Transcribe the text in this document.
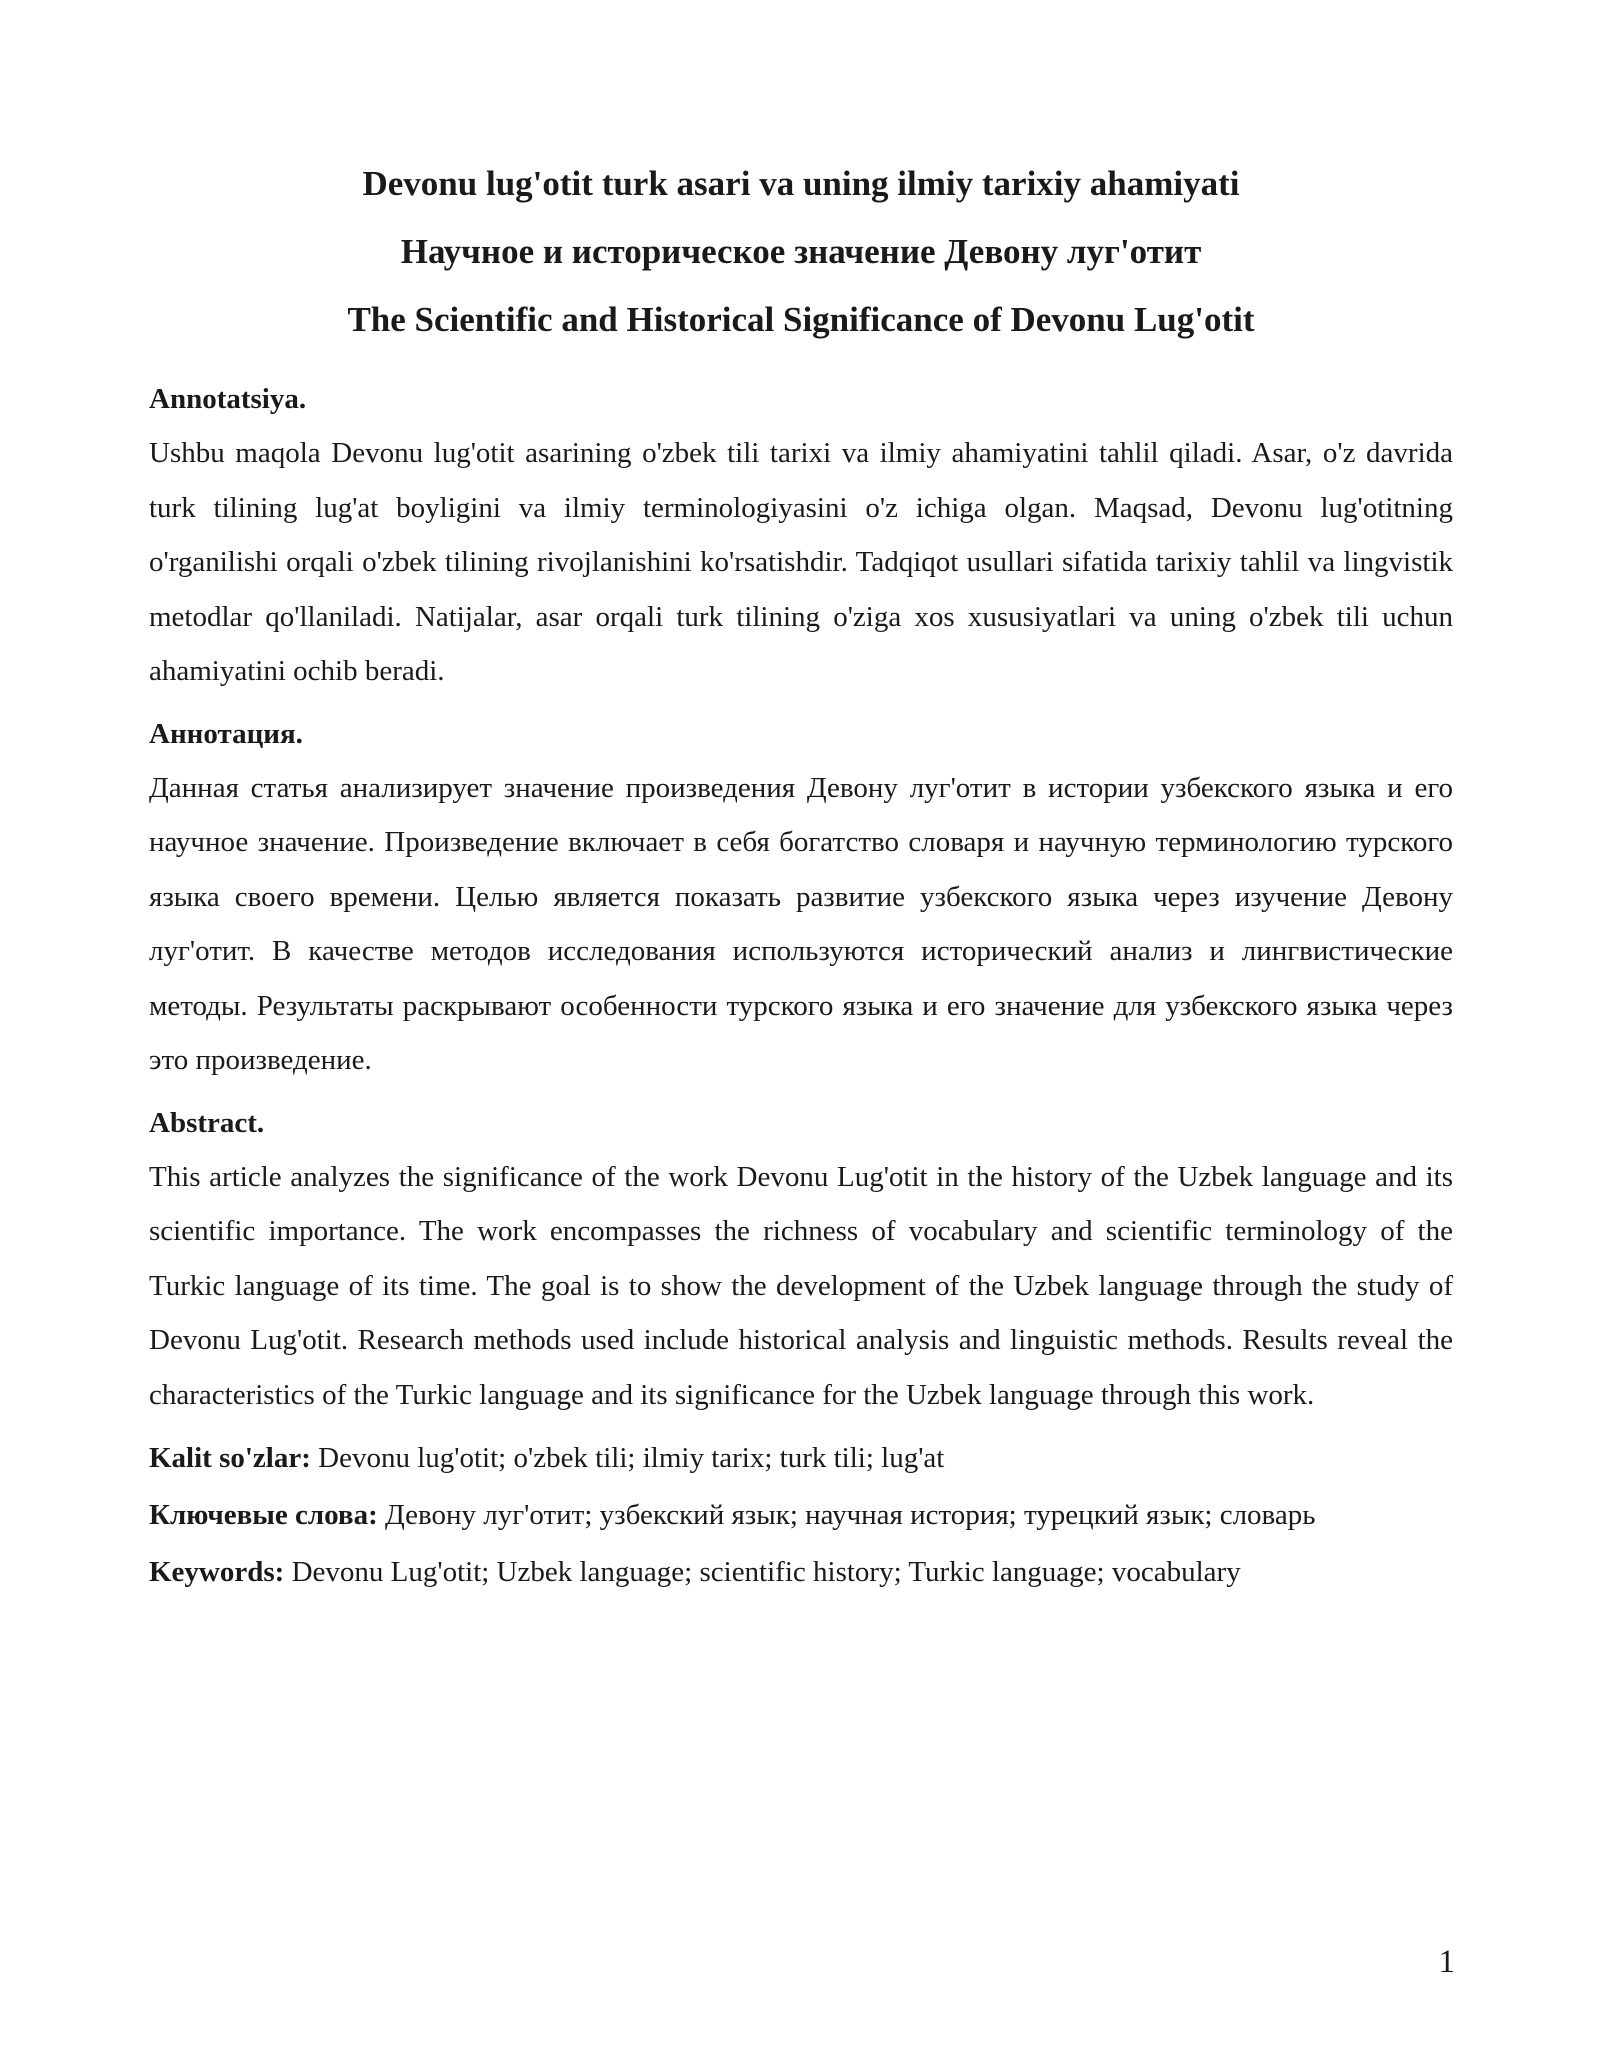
Devonu lug'otit turk asari va uning ilmiy tarixiy ahamiyati

Научное и историческое значение Девону луг'отит

The Scientific and Historical Significance of Devonu Lug'otit

Annotatsiya.

Ushbu maqola Devonu lug'otit asarining o'zbek tili tarixi va ilmiy ahamiyatini tahlil qiladi. Asar, o'z davrida turk tilining lug'at boyligini va ilmiy terminologiyasini o'z ichiga olgan. Maqsad, Devonu lug'otitning o'rganilishi orqali o'zbek tilining rivojlanishini ko'rsatishdir. Tadqiqot usullari sifatida tarixiy tahlil va lingvistik metodlar qo'llaniladi. Natijalar, asar orqali turk tilining o'ziga xos xususiyatlari va uning o'zbek tili uchun ahamiyatini ochib beradi.

Аннотация.

Данная статья анализирует значение произведения Девону луг'отит в истории узбекского языка и его научное значение. Произведение включает в себя богатство словаря и научную терминологию турского языка своего времени. Целью является показать развитие узбекского языка через изучение Девону луг'отит. В качестве методов исследования используются исторический анализ и лингвистические методы. Результаты раскрывают особенности турского языка и его значение для узбекского языка через это произведение.

Abstract.

This article analyzes the significance of the work Devonu Lug'otit in the history of the Uzbek language and its scientific importance. The work encompasses the richness of vocabulary and scientific terminology of the Turkic language of its time. The goal is to show the development of the Uzbek language through the study of Devonu Lug'otit. Research methods used include historical analysis and linguistic methods. Results reveal the characteristics of the Turkic language and its significance for the Uzbek language through this work.

Kalit so'zlar: Devonu lug'otit; o'zbek tili; ilmiy tarix; turk tili; lug'at

Ключевые слова: Девону луг'отит; узбекский язык; научная история; турецкий язык; словарь

Keywords: Devonu Lug'otit; Uzbek language; scientific history; Turkic language; vocabulary

1
